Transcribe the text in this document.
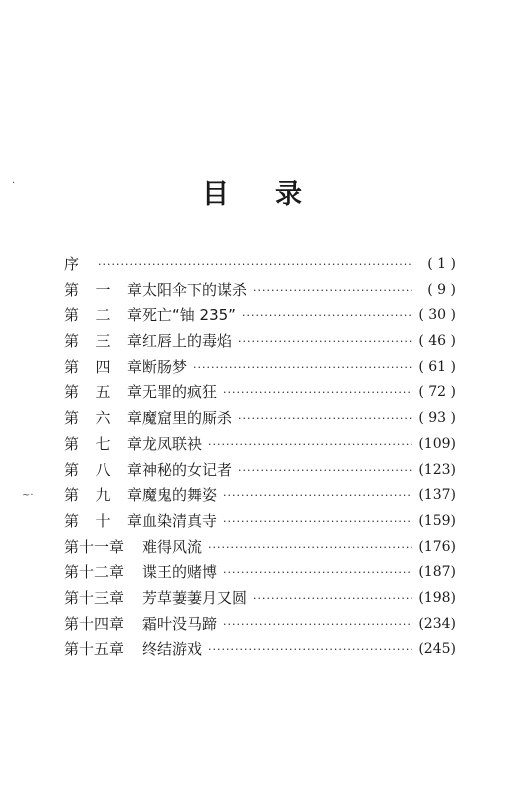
·
~·
目 录
序 ·····	( 1 )
第 一 章 太阳伞下的谋杀 ·····	( 9 )
第 二 章 死亡“铀 235” ·····	( 30 )
第 三 章 红唇上的毒焰 ·····	( 46 )
第 四 章 断肠梦 ·····	( 61 )
第 五 章 无罪的疯狂 ·····	( 72 )
第 六 章 魔窟里的厮杀 ·····	( 93 )
第 七 章 龙凤联袂 ·····	(109)
第 八 章 神秘的女记者 ·····	(123)
第 九 章 魔鬼的舞姿 ·····	(137)
第 十 章 血染清真寺 ·····	(159)
第十一章 难得风流 ·····	(176)
第十二章 谍王的赌博 ·····	(187)
第十三章 芳草萋萋月又圆 ·····	(198)
第十四章 霜叶没马蹄 ·····	(234)
第十五章 终结游戏 ·····	(245)
